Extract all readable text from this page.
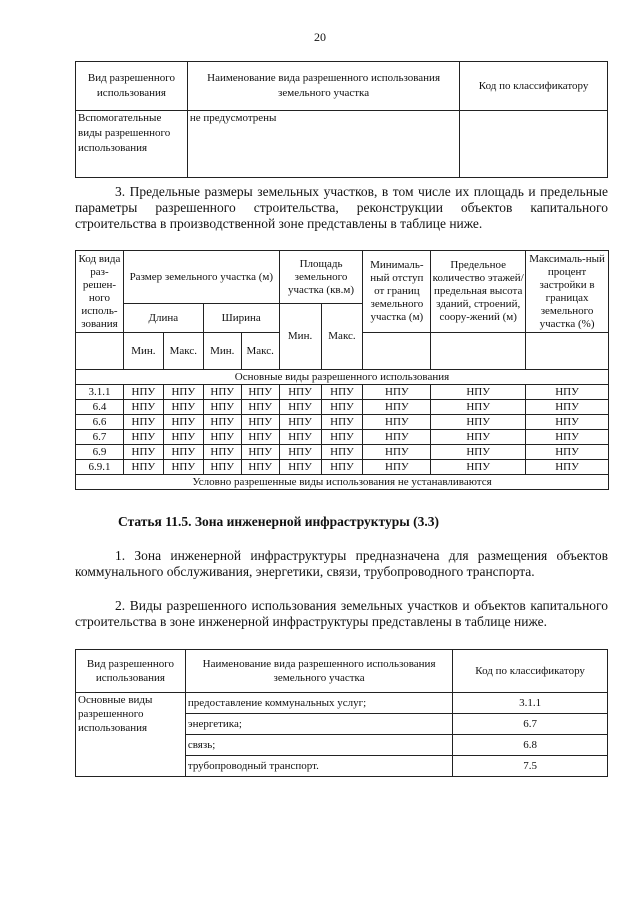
20
Вид разрешенного использования	Наименование вида разрешенного использования земельного участка	Код по классификатору
Вспомогательные виды разрешенного использования	не предусмотрены	

3. Предельные размеры земельных участков, в том числе их площадь и предельные параметры разрешенного строительства, реконструкции объектов капитального строительства в производственной зоне представлены в таблице ниже.

Код вида раз-решен-ного исполь-зования	Размер земельного участка (м)				Площадь земельного участка (кв.м)		Минималь-ный отступ от границ земельного участка (м)	Предельное количество этажей/ предельная высота зданий, строений, соору-жений (м)	Максималь-ный процент застройки в границах земельного участка (%)

	Длина		Ширина		Мин.	Макс.			
	Мин.	Макс.	Мин.	Макс.					
Основные виды разрешенного использования									
3.1.1	НПУ	НПУ	НПУ	НПУ	НПУ	НПУ	НПУ	НПУ	НПУ
6.4	НПУ	НПУ	НПУ	НПУ	НПУ	НПУ	НПУ	НПУ	НПУ
6.6	НПУ	НПУ	НПУ	НПУ	НПУ	НПУ	НПУ	НПУ	НПУ
6.7	НПУ	НПУ	НПУ	НПУ	НПУ	НПУ	НПУ	НПУ	НПУ
6.9	НПУ	НПУ	НПУ	НПУ	НПУ	НПУ	НПУ	НПУ	НПУ
6.9.1	НПУ	НПУ	НПУ	НПУ	НПУ	НПУ	НПУ	НПУ	НПУ
Условно разрешенные виды использования не устанавливаются									

Статья 11.5. Зона инженерной инфраструктуры (3.3)

1. Зона инженерной инфраструктуры предназначена для размещения объектов коммунального обслуживания, энергетики, связи, трубопроводного транспорта.

2. Виды разрешенного использования земельных участков и объектов капитального строительства в зоне инженерной инфраструктуры представлены в таблице ниже.

Вид разрешенного использования	Наименование вида разрешенного использования земельного участка	Код по классификатору
Основные виды разрешенного использования	предоставление коммунальных услуг;	3.1.1
	энергетика;	6.7
	связь;	6.8
	трубопроводный транспорт.	7.5
